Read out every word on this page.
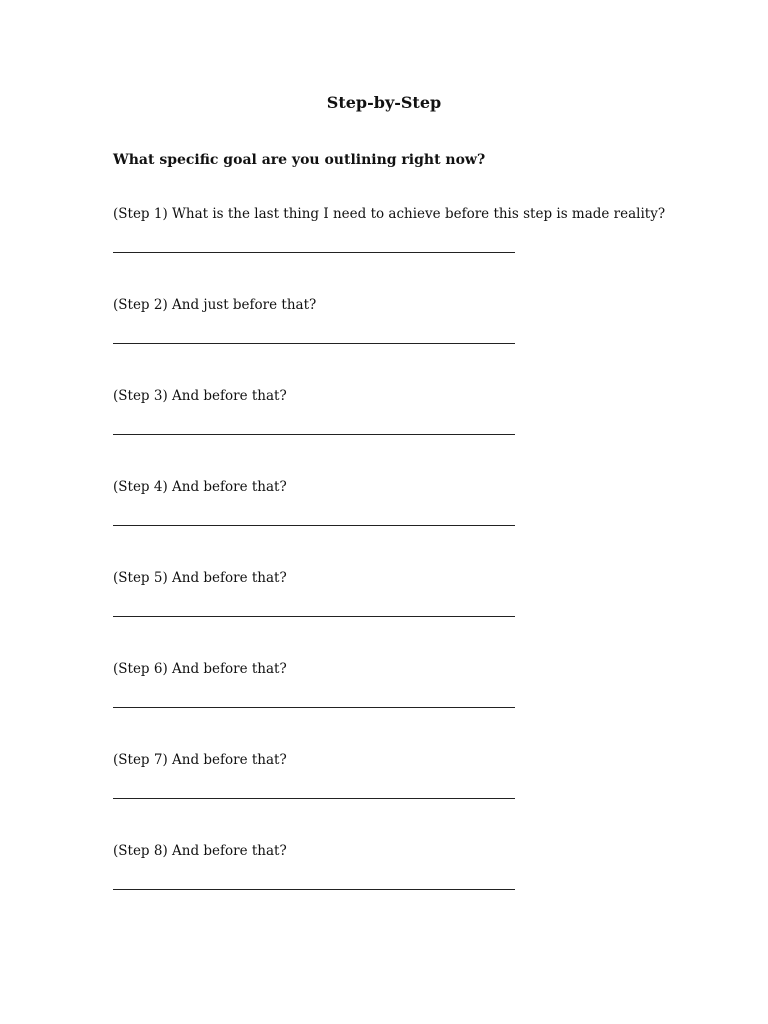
Step-by-Step
What specific goal are you outlining right now?
(Step 1) What is the last thing I need to achieve before this step is made reality?
(Step 2) And just before that?
(Step 3) And before that?
(Step 4) And before that?
(Step 5) And before that?
(Step 6) And before that?
(Step 7) And before that?
(Step 8) And before that?
